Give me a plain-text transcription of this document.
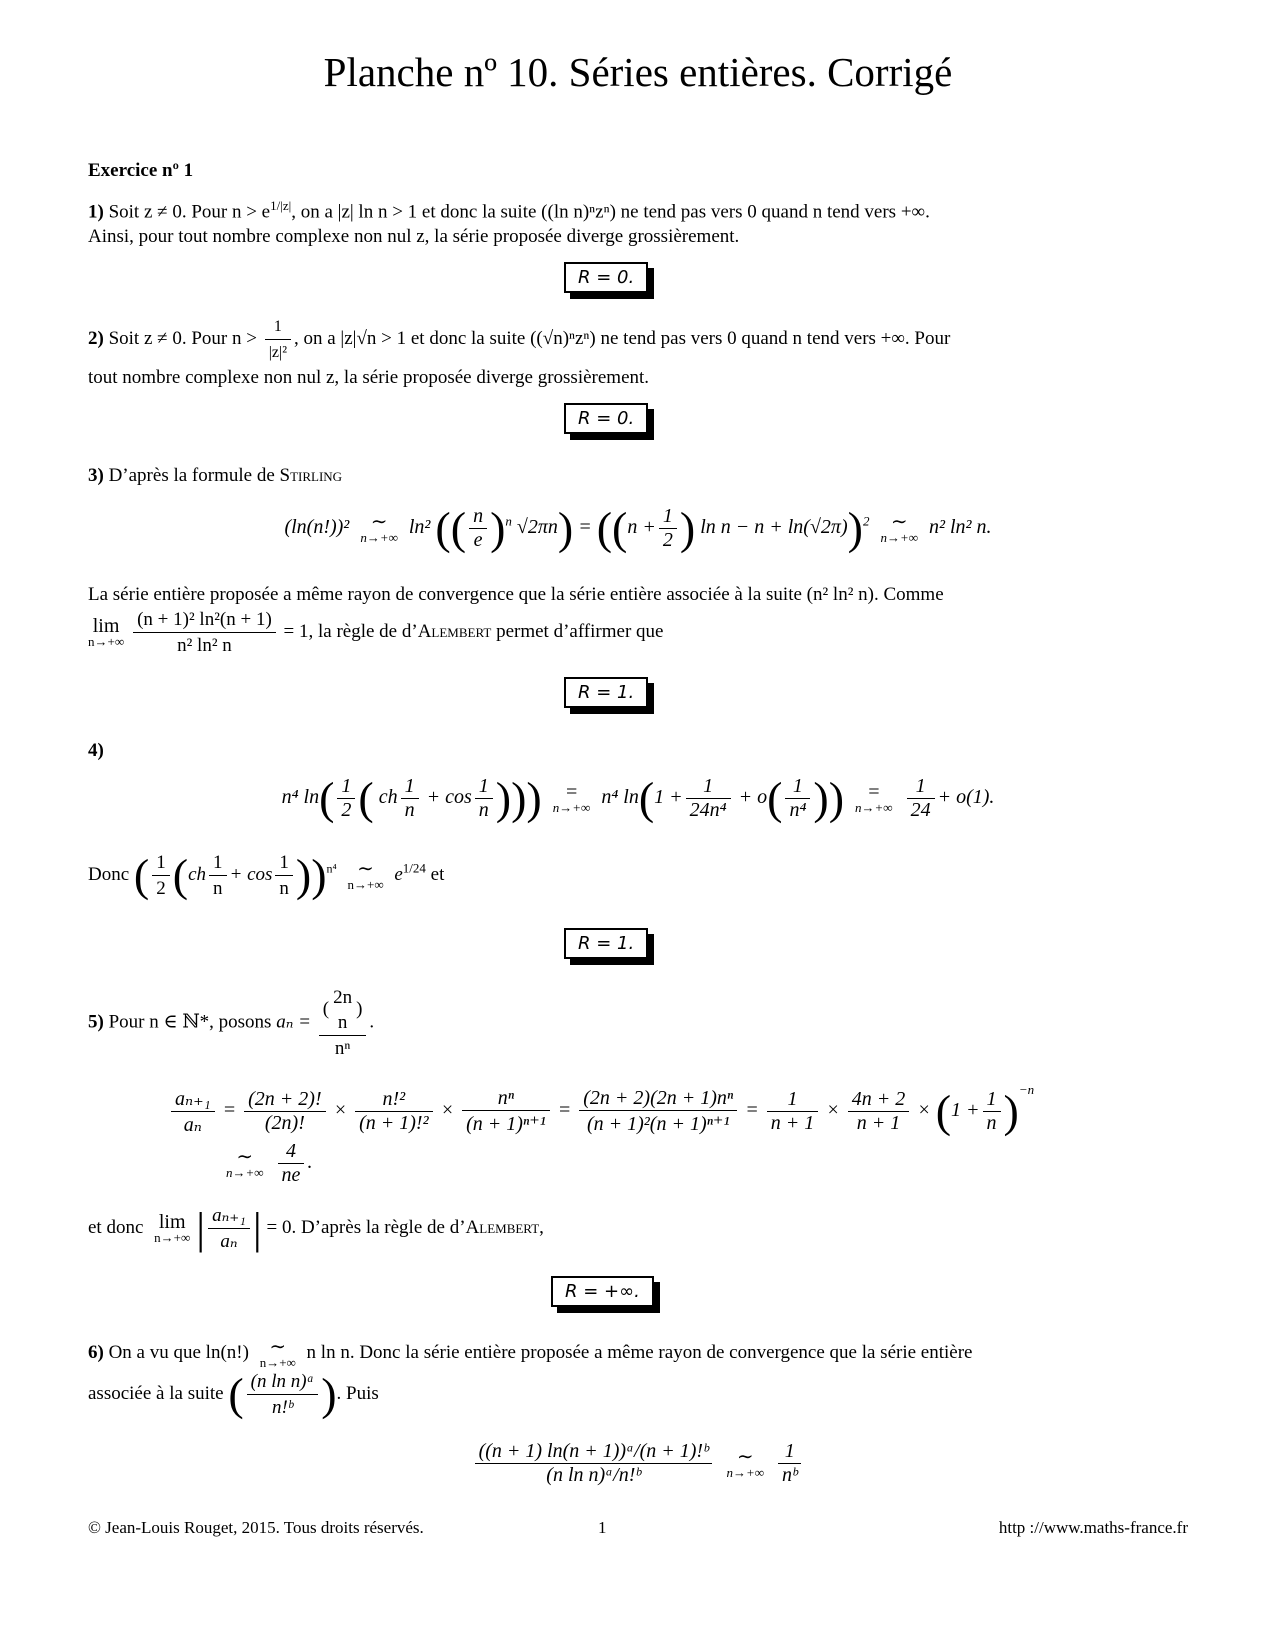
Planche nº 10. Séries entières. Corrigé
Exercice nº 1
1) Soit z ≠ 0. Pour $n > e^{1/|z|}$, on a |z| ln n > 1 et donc la suite ((ln n)ⁿzⁿ) ne tend pas vers 0 quand n tend vers +∞.
Ainsi, pour tout nombre complexe non nul z, la série proposée diverge grossièrement.
R = 0.
2) Soit z ≠ 0. Pour $n > \frac{1}{\text{|z|²}}$ , on a |z|√n > 1 et donc la suite ((√n)ⁿzⁿ) ne tend pas vers 0 quand n tend vers +∞. Pour
tout nombre complexe non nul z, la série proposée diverge grossièrement.
R = 0.
3) D’après la formule de Stirling
(ln(n!))²	∼
n→+∞ ln² (( $\frac{n}{e} )^n$ $√2\pi n) = ((n + \frac{1}{2}$ ) ln n − n + ln(√2π))$^2$	∼
n→+∞ n² ln² n.
La série entière proposée a même rayon de convergence que la série entière associée à la suite (n² ln² n). Comme

lim
$n\to+\infty \frac{\text{(n + 1)² ln²(n + 1)}}{\text{n² ln² n}} = 1$, la règle de d’Alembert permet d’affirmer que
R = 1.
4)
n⁴ $\ln( \frac{1}{2}$ ( ch $\frac{1}{n} + \cos \frac{1}{n}$ )))	=
n→+∞ n⁴ $\ln(1 + \frac{1}{\text{24n⁴}} + o( \frac{1}{\text{n⁴}}$ ))	=
$n\to+\infty \frac{1}{24} + o(1)$.
Donc ( $\frac{1}{2} (ch \frac{1}{n} + \cos \frac{1}{n} ))^{n^4}$	∼
n→+∞ $e^{1/24}$ et
R = 1.
5) Pour n ∈ ℕ*, posons aₙ = (
2n
n
)
nⁿ .
$\frac{\text{aₙ₊₁}}{\text{aₙ}} = \frac{(2n + 2)!}{(2n)!} \times \frac{\text{n!²}}{\text{(n + 1)!²}} \times \frac{\text{nⁿ}}{\text{(n + 1)ⁿ⁺¹}} = \frac{\text{(2n + 2)(2n + 1)nⁿ}}{\text{(n + 1)²(n + 1)ⁿ⁺¹}} = \frac{1}{n + 1} \times \frac{4n + 2}{n + 1} \times (1 + \frac{1}{n} )^{-n}$
∼
$n\to+\infty \frac{4}{ne}$ .
et donc lim
n→+∞ | $\frac{\text{aₙ₊₁}}{\text{aₙ}}$ | = 0. D’après la règle de d’Alembert,
R = +∞.
6) On a vu que ln(n!)	∼
n→+∞ n ln n. Donc la série entière proposée a même rayon de convergence que la série entière
associée à la suite ( $\frac{\text{(n ln n)ᵃ}}{\text{n!ᵇ}}$ ). Puis
$\frac{\text{((n + 1) ln(n + 1))ᵃ/(n + 1)!ᵇ}}{\text{(n ln n)ᵃ/n!ᵇ}}$
	∼
$n\to+\infty \frac{1}{\text{nᵇ}}$
© Jean-Louis Rouget, 2015. Tous droits réservés.	1	http ://www.maths-france.fr
